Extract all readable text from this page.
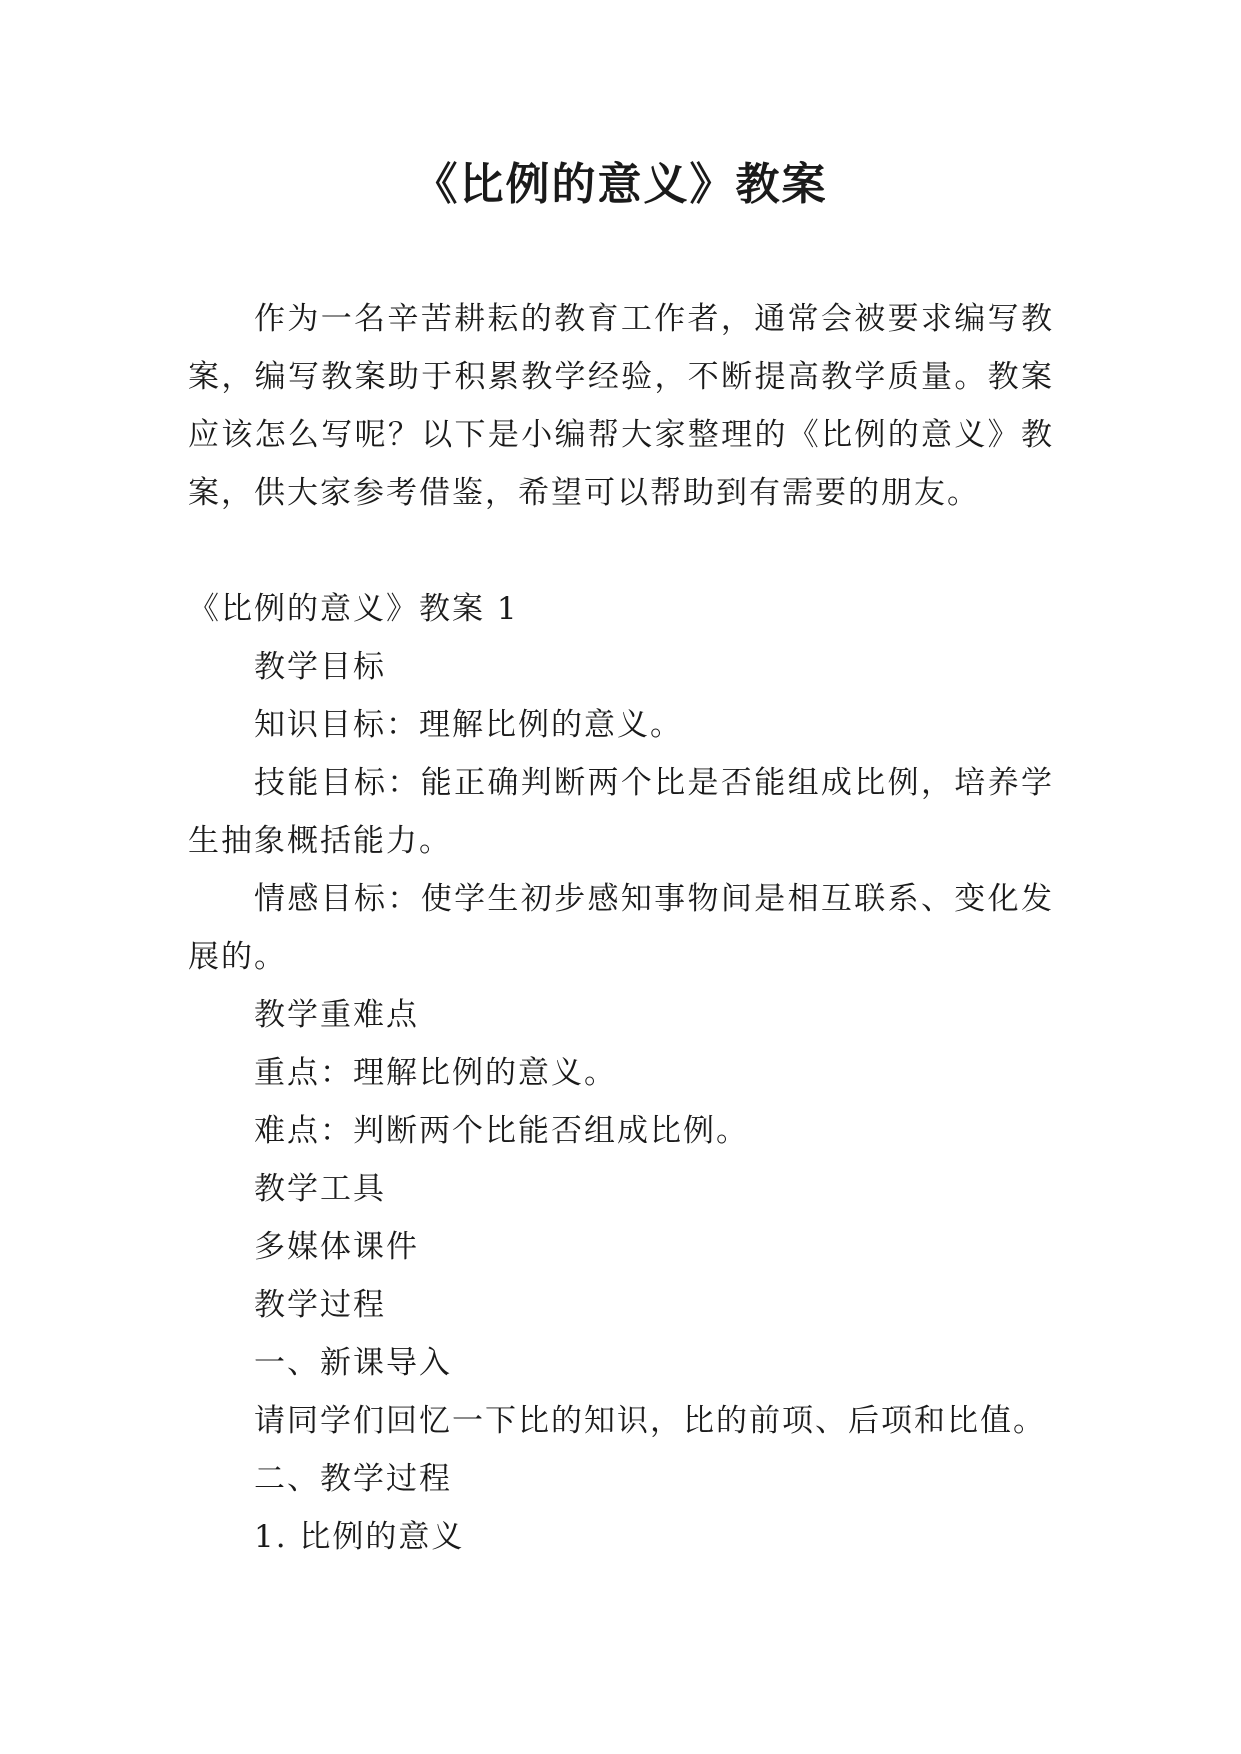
《比例的意义》教案

作为一名辛苦耕耘的教育工作者，通常会被要求编写教案，编写教案助于积累教学经验，不断提高教学质量。教案应该怎么写呢？以下是小编帮大家整理的《比例的意义》教案，供大家参考借鉴，希望可以帮助到有需要的朋友。

《比例的意义》教案 1

教学目标

知识目标：理解比例的意义。

技能目标：能正确判断两个比是否能组成比例，培养学生抽象概括能力。

情感目标：使学生初步感知事物间是相互联系、变化发展的。

教学重难点

重点：理解比例的意义。

难点：判断两个比能否组成比例。

教学工具

多媒体课件

教学过程

一、新课导入

请同学们回忆一下比的知识，比的前项、后项和比值。

二、教学过程

1. 比例的意义
